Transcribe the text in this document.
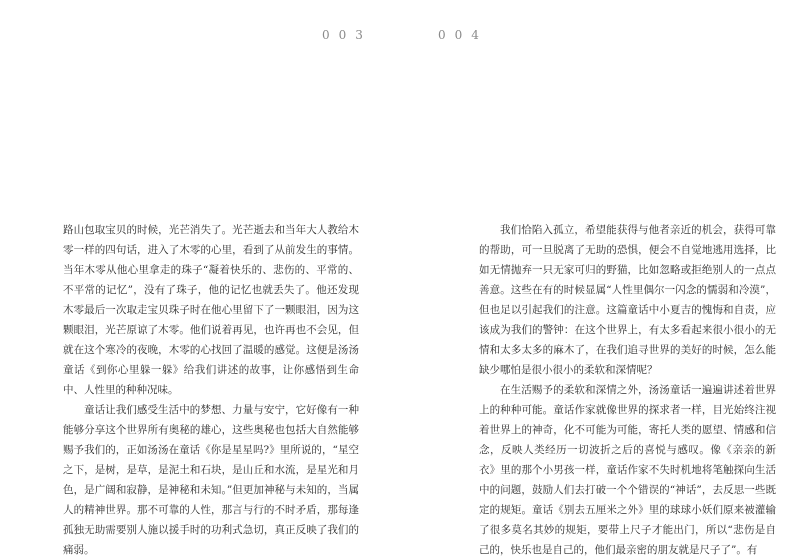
003

路山包取宝贝的时候，光芒消失了。光芒逝去和当年大人教给木零一样的四句话，进入了木零的心里，看到了从前发生的事情。当年木零从他心里拿走的珠子“凝着快乐的、悲伤的、平常的、不平常的记忆”，没有了珠子，他的记忆也就丢失了。他还发现木零最后一次取走宝贝珠子时在他心里留下了一颗眼泪，因为这颗眼泪，光芒原谅了木零。他们说着再见，也许再也不会见，但就在这个寒冷的夜晚，木零的心找回了温暖的感觉。这便是汤汤童话《到你心里躲一躲》给我们讲述的故事，让你感悟到生命中、人性里的种种况味。

童话让我们感受生活中的梦想、力量与安宁，它好像有一种能够分享这个世界所有奥秘的雄心，这些奥秘也包括大自然能够赐予我们的，正如汤汤在童话《你是星星吗?》里所说的，“星空之下，是树，是草，是泥土和石块，是山丘和水流，是星光和月色，是广阔和寂静，是神秘和未知。”但更加神秘与未知的，当属人的精神世界。那不可靠的人性，那言与行的不时矛盾，那每逢孤独无助需要别人施以援手时的功利式急切，真正反映了我们的痛弱。

004

我们恰陷入孤立，希望能获得与他者亲近的机会，获得可靠的帮助，可一旦脱离了无助的恐惧，便会不自觉地逃用选择，比如无情抛弃一只无家可归的野猫，比如忽略或拒绝别人的一点点善意。这些在有的时候显属“人性里偶尔一闪念的懦弱和冷漠”，但也足以引起我们的注意。这篇童话中小夏吉的愧悔和自责，应该成为我们的警钟：在这个世界上，有太多看起来很小很小的无情和太多太多的麻木了，在我们追寻世界的美好的时候，怎么能缺少哪怕是很小很小的柔软和深情呢？

在生活赐予的柔软和深情之外，汤汤童话一遍遍讲述着世界上的种种可能。童话作家就像世界的探求者一样，目光始终注视着世界上的神奇，化不可能为可能，寄托人类的愿望、情感和信念，反映人类经历一切波折之后的喜悦与感叹。像《亲亲的新衣》里的那个小男孩一样，童话作家不失时机地将笔触探向生活中的问题，鼓励人们去打破一个个错误的“神话”，去反思一些既定的规矩。童话《别去五厘米之外》里的球球小妖们原来被灌输了很多莫名其妙的规矩，要带上尺子才能出门，所以“悲伤是自己的，快乐也是自己的，他们最亲密的朋友就是尺子了”。有
